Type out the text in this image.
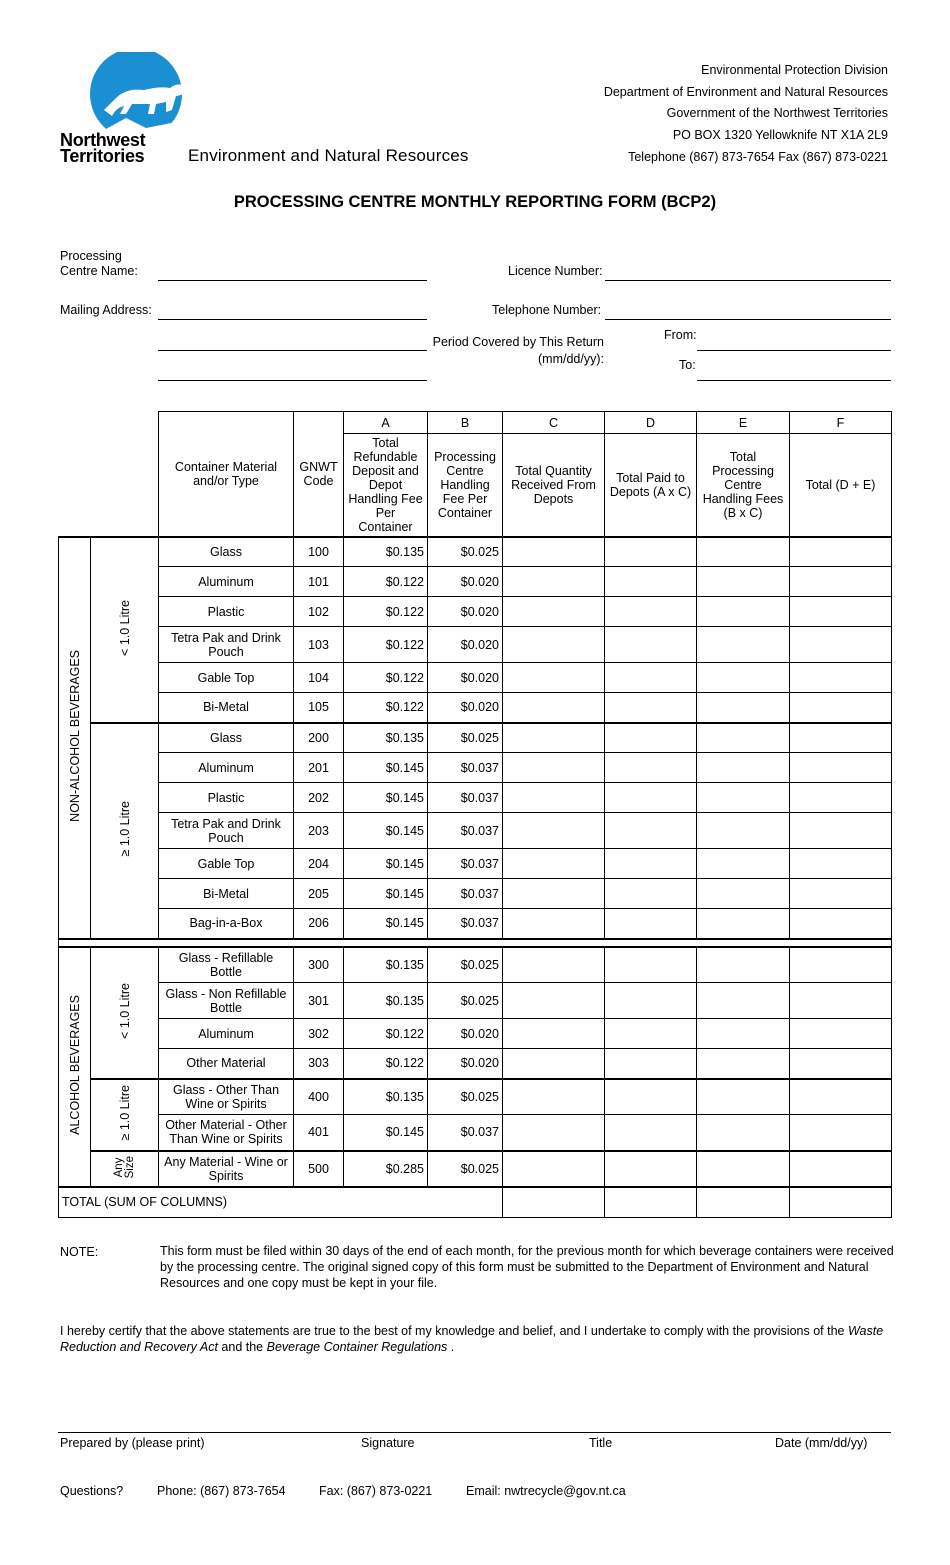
Northwest
Territories	Environment and Natural Resources
Environmental Protection Division
Department of Environment and Natural Resources
Government of the Northwest Territories
PO BOX 1320 Yellowknife NT X1A 2L9
Telephone (867) 873-7654 Fax (867) 873-0221
PROCESSING CENTRE MONTHLY REPORTING FORM (BCP2)
Processing
Centre Name:	Licence Number:
Mailing Address:	Telephone Number:
Period Covered by This Return
(mm/dd/yy):
From:
To:
		Container Material and/or Type	GNWT Code	A	B	C	D	E	F
				Total Refundable Deposit and Depot Handling Fee Per Container	Processing Centre Handling Fee Per Container	Total Quantity Received From Depots	Total Paid to Depots (A x C)	Total Processing Centre Handling Fees (B x C)	Total (D + E)
NON-ALCOHOL BEVERAGES	< 1.0 Litre	Glass	100	$0.135	$0.025				
		Aluminum	101	$0.122	$0.020				
		Plastic	102	$0.122	$0.020				
		Tetra Pak and Drink Pouch	103	$0.122	$0.020				
		Gable Top	104	$0.122	$0.020				
		Bi-Metal	105	$0.122	$0.020				
	≥ 1.0 Litre	Glass	200	$0.135	$0.025				
		Aluminum	201	$0.145	$0.037				
		Plastic	202	$0.145	$0.037				
		Tetra Pak and Drink Pouch	203	$0.145	$0.037				
		Gable Top	204	$0.145	$0.037				
		Bi-Metal	205	$0.145	$0.037				
		Bag-in-a-Box	206	$0.145	$0.037				

ALCOHOL BEVERAGES	< 1.0 Litre	Glass - Refillable Bottle	300	$0.135	$0.025				
		Glass - Non Refillable Bottle	301	$0.135	$0.025				
		Aluminum	302	$0.122	$0.020				
		Other Material	303	$0.122	$0.020				
	≥ 1.0 Litre	Glass - Other Than Wine or Spirits	400	$0.135	$0.025				
		Other Material - Other Than Wine or Spirits	401	$0.145	$0.037				
	Any
Size	Any Material - Wine or Spirits	500	$0.285	$0.025				
TOTAL (SUM OF COLUMNS)									
NOTE:	This form must be filed within 30 days of the end of each month, for the previous month for which beverage containers were received by the processing centre. The original signed copy of this form must be submitted to the Department of Environment and Natural Resources and one copy must be kept in your file.
I hereby certify that the above statements are true to the best of my knowledge and belief, and I undertake to comply with the provisions of the Waste Reduction and Recovery Act and the Beverage Container Regulations .
Prepared by (please print)	Signature	Title	Date (mm/dd/yy)
Questions?	Phone: (867) 873-7654	Fax: (867) 873-0221	Email: nwtrecycle@gov.nt.ca
